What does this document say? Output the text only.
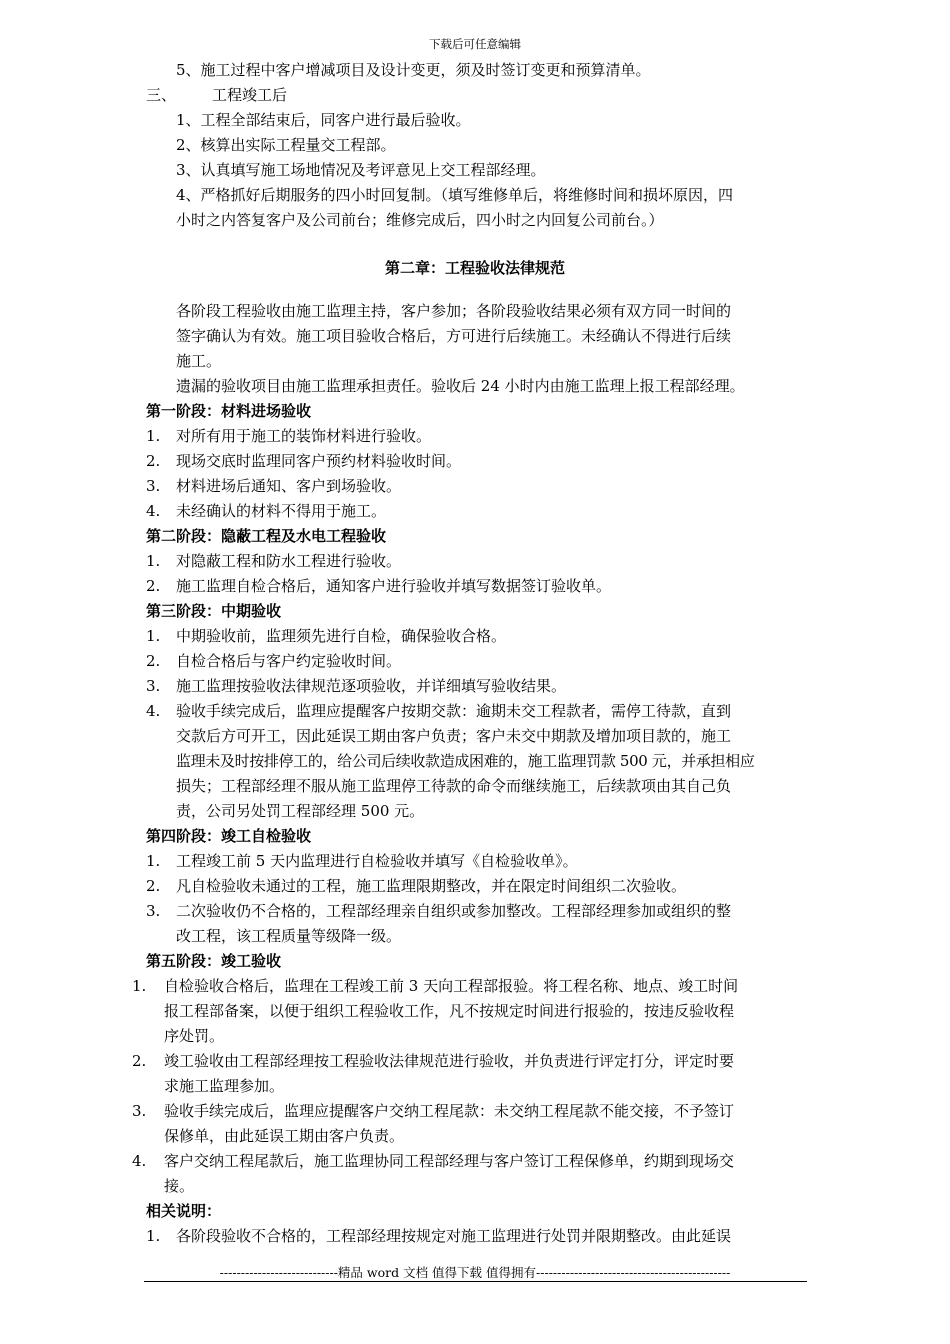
下载后可任意编辑
5、施工过程中客户增减项目及设计变更，须及时签订变更和预算清单。
三、 工程竣工后
1、工程全部结束后，同客户进行最后验收。
2、核算出实际工程量交工程部。
3、认真填写施工场地情况及考评意见上交工程部经理。
4、严格抓好后期服务的四小时回复制。（填写维修单后，将维修时间和损坏原因，四
小时之内答复客户及公司前台；维修完成后，四小时之内回复公司前台。）
第二章：工程验收法律规范
各阶段工程验收由施工监理主持，客户参加；各阶段验收结果必须有双方同一时间的
签字确认为有效。施工项目验收合格后，方可进行后续施工。未经确认不得进行后续
施工。
遗漏的验收项目由施工监理承担责任。验收后 24 小时内由施工监理上报工程部经理。
第一阶段：材料进场验收
1. 对所有用于施工的装饰材料进行验收。
2. 现场交底时监理同客户预约材料验收时间。
3. 材料进场后通知、客户到场验收。
4. 未经确认的材料不得用于施工。
第二阶段：隐蔽工程及水电工程验收
1. 对隐蔽工程和防水工程进行验收。
2. 施工监理自检合格后，通知客户进行验收并填写数据签订验收单。
第三阶段：中期验收
1. 中期验收前，监理须先进行自检，确保验收合格。
2. 自检合格后与客户约定验收时间。
3. 施工监理按验收法律规范逐项验收，并详细填写验收结果。
4. 验收手续完成后，监理应提醒客户按期交款：逾期未交工程款者，需停工待款，直到
交款后方可开工，因此延误工期由客户负责；客户未交中期款及增加项目款的，施工
监理未及时按排停工的，给公司后续收款造成困难的，施工监理罚款 500 元，并承担相应
损失；工程部经理不服从施工监理停工待款的命令而继续施工，后续款项由其自己负
责，公司另处罚工程部经理 500 元。
第四阶段：竣工自检验收
1. 工程竣工前 5 天内监理进行自检验收并填写《自检验收单》。
2. 凡自检验收未通过的工程，施工监理限期整改，并在限定时间组织二次验收。
3. 二次验收仍不合格的，工程部经理亲自组织或参加整改。工程部经理参加或组织的整
改工程，该工程质量等级降一级。
第五阶段：竣工验收
1. 自检验收合格后，监理在工程竣工前 3 天向工程部报验。将工程名称、地点、竣工时间
报工程部备案，以便于组织工程验收工作，凡不按规定时间进行报验的，按违反验收程
序处罚。
2. 竣工验收由工程部经理按工程验收法律规范进行验收，并负责进行评定打分，评定时要
求施工监理参加。
3. 验收手续完成后，监理应提醒客户交纳工程尾款：未交纳工程尾款不能交接，不予签订
保修单，由此延误工期由客户负责。
4. 客户交纳工程尾款后，施工监理协同工程部经理与客户签订工程保修单，约期到现场交
接。
相关说明：
1. 各阶段验收不合格的，工程部经理按规定对施工监理进行处罚并限期整改。由此延误
----------------------------精品 word 文档 值得下载 值得拥有----------------------------------------------
